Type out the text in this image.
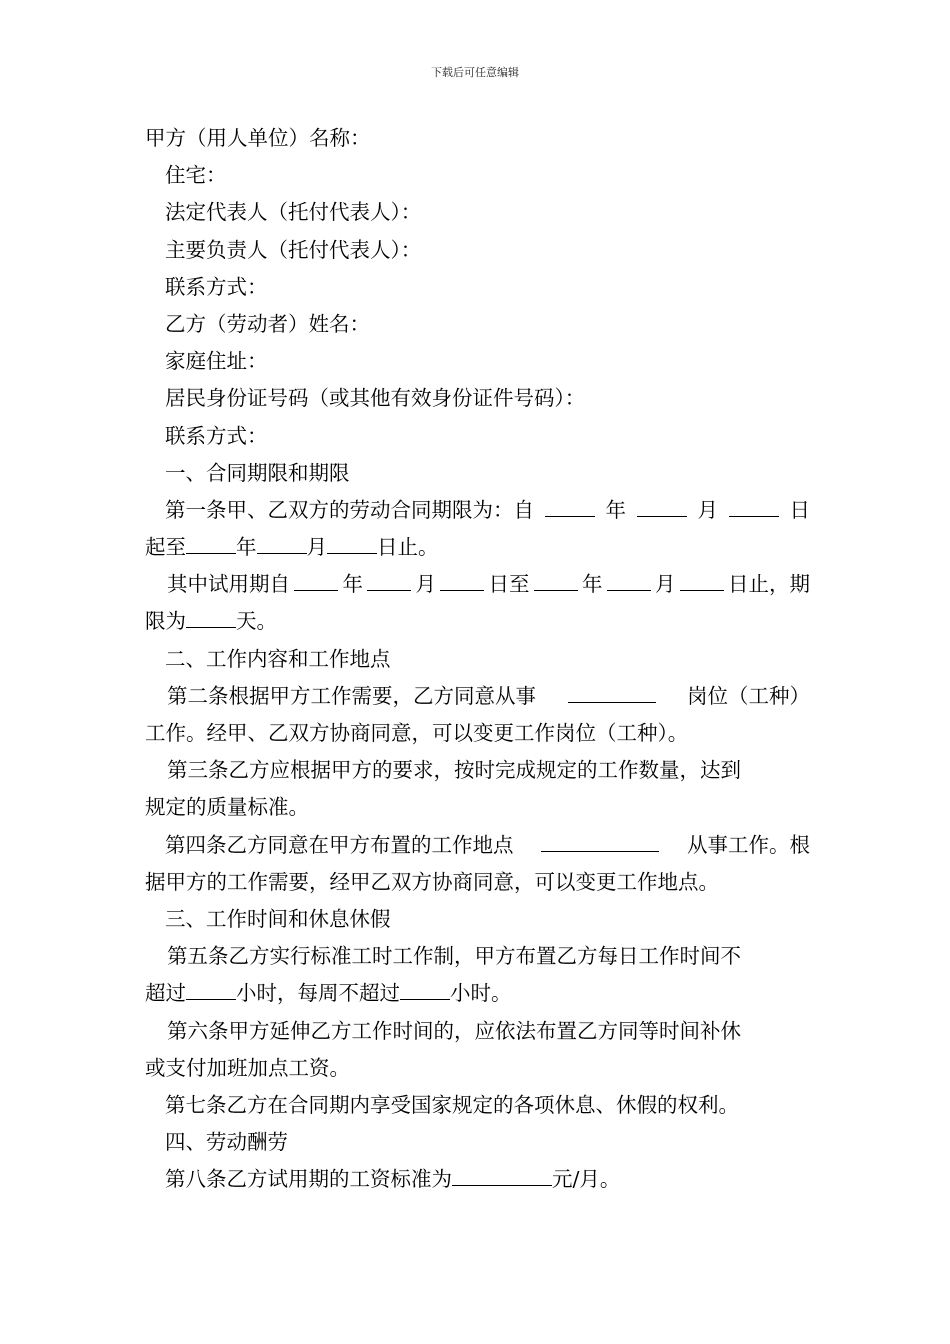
下载后可任意编辑
甲方（用人单位）名称：
住宅：
法定代表人（托付代表人）：
主要负责人（托付代表人）：
联系方式：
乙方（劳动者）姓名：
家庭住址：
居民身份证号码（或其他有效身份证件号码）：
联系方式：
一、合同期限和期限
第一条甲、乙双方的劳动合同期限为：自	年	月	日
起至 年 月 日止。
其中试用期自	年	月	日至	年	月	日止，期
限为 天。
二、工作内容和工作地点
第二条根据甲方工作需要，乙方同意从事	岗位（工种）
工作。经甲、乙双方协商同意，可以变更工作岗位（工种）。
第三条乙方应根据甲方的要求，按时完成规定的工作数量，达到
规定的质量标准。
第四条乙方同意在甲方布置的工作地点	从事工作。根
据甲方的工作需要，经甲乙双方协商同意，可以变更工作地点。
三、工作时间和休息休假
第五条乙方实行标准工时工作制，甲方布置乙方每日工作时间不
超过 小时，每周不超过 小时。
第六条甲方延伸乙方工作时间的，应依法布置乙方同等时间补休
或支付加班加点工资。
第七条乙方在合同期内享受国家规定的各项休息、休假的权利。
四、劳动酬劳
第八条乙方试用期的工资标准为	元/月。
